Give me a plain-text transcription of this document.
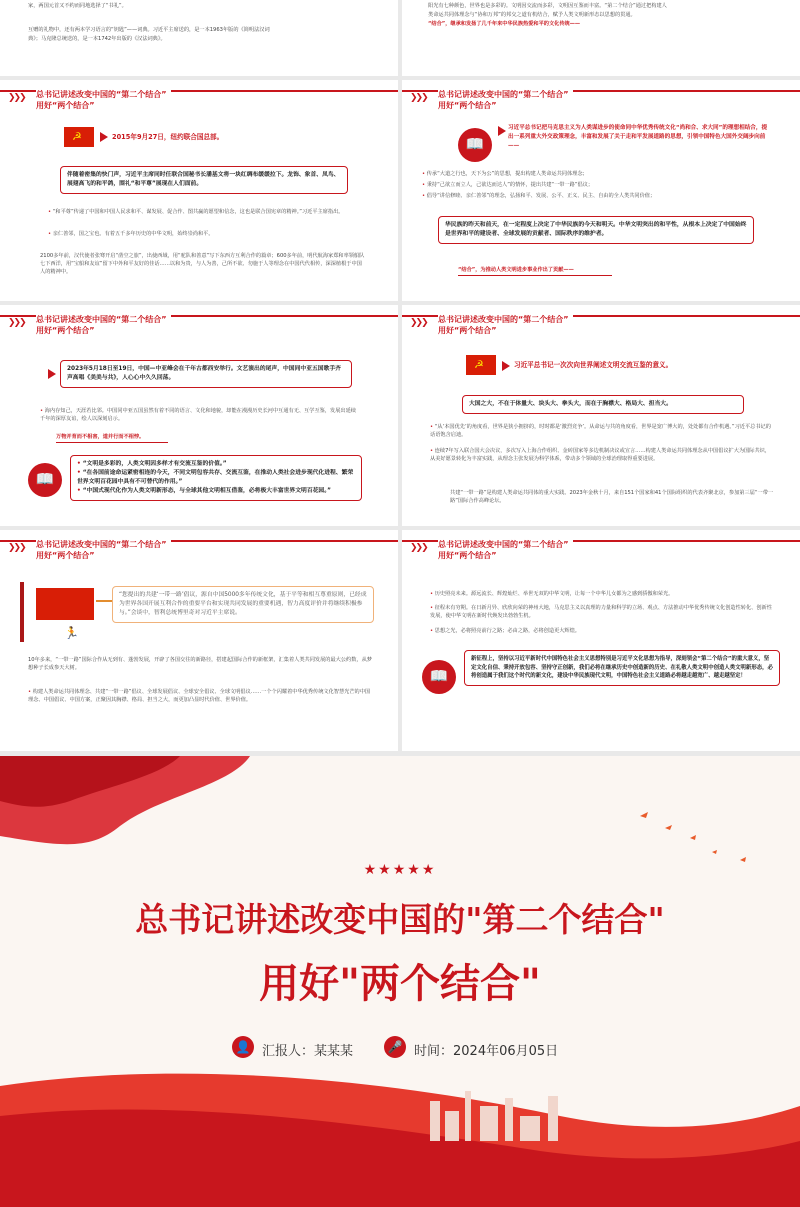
家，两国元首又不约而同地选择了“书礼”。
互赠的礼物中，还有两本学习语言的“钥匙”——词典。习近平主席送的，是一本1963年版的《简明法汉词
典》；马克隆总统送的，是一本1742年出版的《汉法词典》。
阳光有七种颜色，世界也是多彩的。文明因交流而多彩，文明因互鉴而丰富。“第二个结合”通过把构建人
类命运共同体理念与“协和万邦”的邦交之道有机结合，赋予人类文明新形态以思想的贯通。
“结合”，继承和发扬了几千年来中华民族热爱和平的文化传统——
❯❯❯ 总书记讲述改变中国的“第二个结合”
用好“两个结合”
☭	2015年9月27日，纽约联合国总部。
伴随着密集的快门声，习近平主席同时任联合国秘书长潘基文将一块红绸布缓缓拉下。龙饰、象首、凤鸟、展翅高飞的和平鸽，围礼“和平尊”展现在人们面前。
• “和平尊”传递了中国和中国人民求和平、谋发展、促合作、图共赢的愿望和信念，这也是联合国宪章的精神。”习近平主席指出。
• 亲仁善邻，国之宝也。有着五千多年历史的中华文明，始终崇尚和平。
2100多年前，汉代使者张骞开启“凿空之旅”，出使西域，用“驼队和善意”写下东西方互利合作的篇章；600多年前，明代航海家郑和率领船队七下西洋，用“宝船和友谊”留下中外和平友好的佳话……以和为贵，与人为善，己所不欲、勿施于人等理念在中国代代相传，深深植根于中国人的精神中。
❯❯❯ 总书记讲述改变中国的“第二个结合”
用好“两个结合”
📖
习近平总书记把马克思主义为人类谋进步的使命同中华优秀传统文化“尚和合、求大同”的理想相结合，提出一系列重大外交政策理念，丰富和发展了关于走和平发展道路的思想，引领中国特色大国外交阔步向前——
• 传承“大道之行也，天下为公”的思想，提出构建人类命运共同体理念；
• 秉持“己欲立而立人，己欲达而达人”的情怀，提出共建“一带一路”倡议；
• 倡导“讲信修睦、亲仁善邻”的理念，弘扬和平、发展、公平、正义、民主、自由的全人类共同价值；
华民族的昨天和前天，在一定程度上决定了中华民族的今天和明天。中华文明突出的和平性，从根本上决定了中国始终是世界和平的建设者、全球发展的贡献者、国际秩序的维护者。
“结合”，为推动人类文明进步事业作出了贡献——
❯❯❯ 总书记讲述改变中国的“第二个结合”
用好“两个结合”
2023年5月18日至19日，中国—中亚峰会在千年古都西安举行。文艺演出的尾声，中国同中亚五国歌手齐声高唱《美美与共》，人心心中久久回荡。
• 海内存知己，天涯若比邻。中国同中亚五国虽然有着不同的语言、文化和地貌，却能在漫漫历史长河中互通有无、互学互鉴，发展出延续千年的深厚友谊，绘人以深刻启示。
万物并育而不相害，道并行而不相悖。
📖
• “文明是多彩的，人类文明因多样才有交流互鉴的价值。”
• “在各国前途命运紧密相连的今天，不同文明包容共存、交流互鉴，在推动人类社会进步现代化进程、繁荣世界文明百花园中具有不可替代的作用。”
• “中国式现代化作为人类文明新形态，与全球其他文明相互借鉴，必将极大丰富世界文明百花园。”
❯❯❯ 总书记讲述改变中国的“第二个结合”
用好“两个结合”
☭	习近平总书记一次次向世界阐述文明交流互鉴的意义。
大国之大，不在于体量大、块头大、拳头大，而在于胸襟大、格局大、担当大。
• “从‘本国优先’的角度看，世界是狭小拥挤的，时时都是‘激烈竞争’。从命运与共的角度看，世界是宽广博大的，处处都有合作机遇。”习近平总书记的话语饱含启迪。
• 连续7年写入联合国大会决议，多次写入上海合作组织、金砖国家等多边机制决议或宣言……构建人类命运共同体理念从中国倡议扩大为国际共识，从美好愿景转化为丰富实践，从理念主张发展为科学体系，带动多个领域的全球治理取得重要进展。
共建“一带一路”是构建人类命运共同体的重大实践。2023年金秋十月，来自151个国家和41个国际组织的代表齐聚北京，参加第三届“一带一路”国际合作高峰论坛。
❯❯❯ 总书记讲述改变中国的“第二个结合”
用好“两个结合”
🏃
“您提出的共建‘一带一路’倡议，源自中国5000多年传统文化，基于平等和相互尊重原则，已经成为世界各国开展互利合作的重要平台和实现共同发展的重要机遇，智力高度评价并将继续积极参与。”会谈中，智利总统博里奇对习近平主席说。
10年多来，“一带一路”国际合作从无到有、蓬勃发展，开辟了各国交往的新路径，搭建起国际合作的新框架，汇集着人类共同发展的最大公约数，从梦想种子长成参天大树。
• 构建人类命运共同体理念、共建“一带一路”倡议、全球发展倡议、全球安全倡议、全球文明倡议……一个个闪耀着中华优秀传统文化智慧光芒的中国理念、中国倡议、中国方案，正聚因其胸襟、格局、担当之大，而更加凸显时代价值、世界价值。
❯❯❯ 总书记讲述改变中国的“第二个结合”
用好“两个结合”
• 历史照亮未来。源远流长、辉煌灿烂、举世无双的中华文明，让每一个中华儿女都为之感到骄傲和荣光。
• 征程未有穷期。在日新月异、欣欣向荣的神州大地，马克思主义以真理的力量和科学的立场、观点、方法推动中华优秀传统文化创造性转化、创新性发展，使中华文明在新时代焕发出勃勃生机。
• 思想之光，必将照亮前行之路；必由之路，必将创造更大辉煌。
📖
新征程上，坚持以习近平新时代中国特色社会主义思想特别是习近平文化思想为指导，深刻领会“第二个结合”的重大意义，坚定文化自信、秉持开放包容、坚持守正创新，我们必将在继承历史中创造新的历史、在礼敬人类文明中创造人类文明新形态，必将创造属于我们这个时代的新文化，建设中华民族现代文明，中国特色社会主义道路必将越走越宽广、越走越坚定！
★★★★★
总书记讲述改变中国的"第二个结合"
用好"两个结合"
👤 汇报人：某某某	🎤 时间：2024年06月05日
